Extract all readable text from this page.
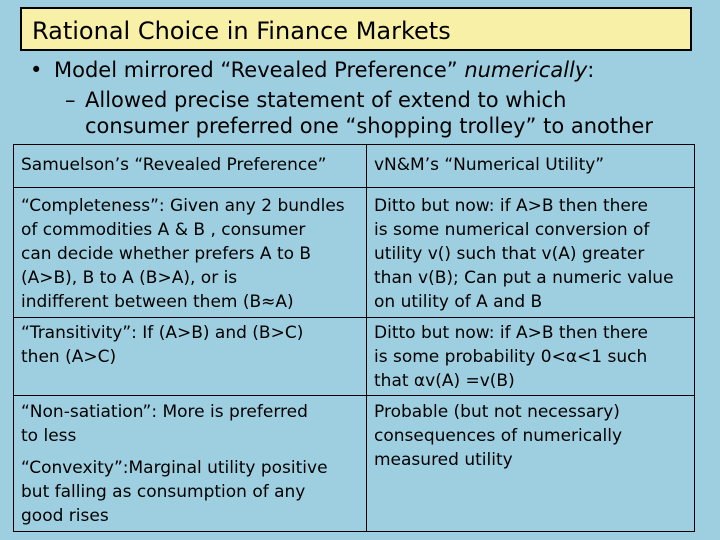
Rational Choice in Finance Markets
• Model mirrored “Revealed Preference” numerically:
– Allowed precise statement of extend to which
consumer preferred one “shopping trolley” to another
Samuelson’s “Revealed Preference”	vN&M’s “Numerical Utility”
“Completeness”: Given any 2 bundles
of commodities A & B , consumer
can decide whether prefers A to B
(A>B), B to A (B>A), or is
indifferent between them (B≈A)
Ditto but now: if A>B then there
is some numerical conversion of
utility v() such that v(A) greater
than v(B); Can put a numeric value
on utility of A and B
“Transitivity”: If (A>B) and (B>C)
then (A>C)
Ditto but now: if A>B then there
is some probability 0<α<1 such
that αv(A) =v(B)
“Non-satiation”: More is preferred
to less
“Convexity”:Marginal utility positive
but falling as consumption of any
good rises
Probable (but not necessary)
consequences of numerically
measured utility
